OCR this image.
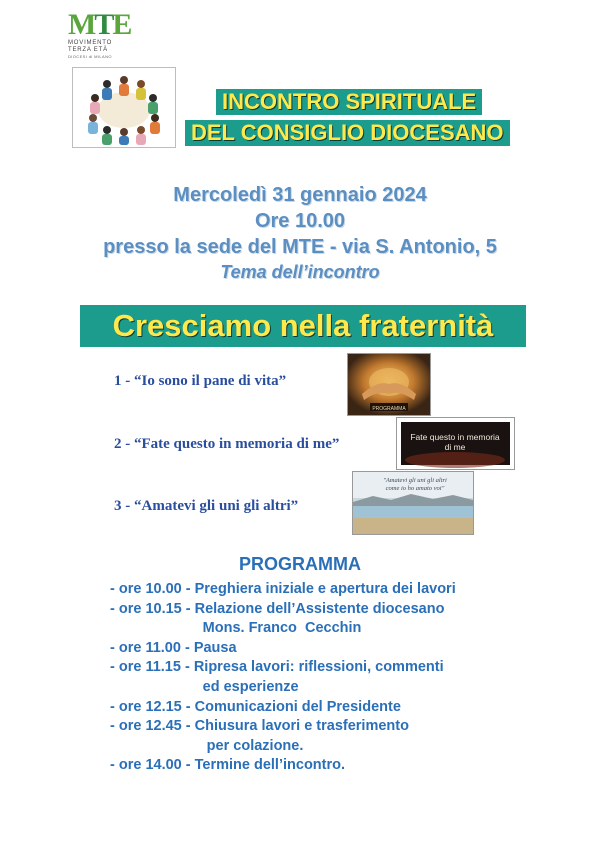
MTE
MOVIMENTO
TERZA ETÀ
DIOCESI di MILANO
INCONTRO SPIRITUALE
DEL CONSIGLIO DIOCESANO
Mercoledì 31 gennaio 2024
Ore 10.00
presso la sede del MTE - via S. Antonio, 5
Tema dell’incontro
Cresciamo nella fraternità
1 - “Io sono il pane di vita”
2 - “Fate questo in memoria di me”
3 - “Amatevi gli uni gli altri”
PROGRAMMA
Fate questo in memoria
di me
"Amatevi gli uni gli altri
come io ho amato voi"
PROGRAMMA
- ore 10.00 - Preghiera iniziale e apertura dei lavori
- ore 10.15 - Relazione dell’Assistente diocesano
Mons. Franco  Cecchin
- ore 11.00 - Pausa
- ore 11.15 - Ripresa lavori: riflessioni, commenti
ed esperienze
- ore 12.15 - Comunicazioni del Presidente
- ore 12.45 - Chiusura lavori e trasferimento
per colazione.
- ore 14.00 - Termine dell’incontro.
